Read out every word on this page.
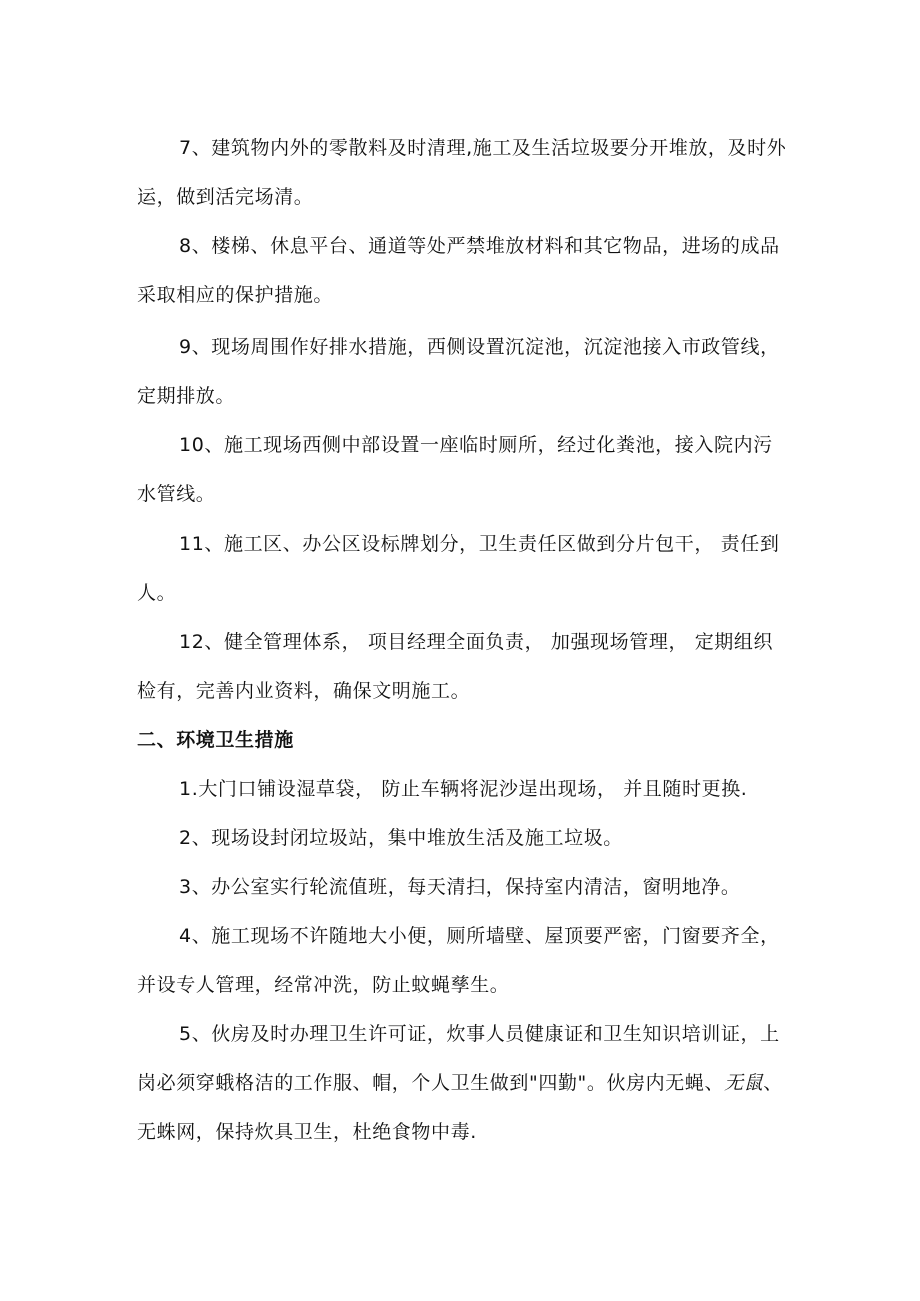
7、建筑物内外的零散料及时清理,施工及生活垃圾要分开堆放，及时外运，做到活完场清。

8、楼梯、休息平台、通道等处严禁堆放材料和其它物品，进场的成品采取相应的保护措施。

9、现场周围作好排水措施，西侧设置沉淀池，沉淀池接入市政管线， 定期排放。

10、施工现场西侧中部设置一座临时厕所，经过化粪池，接入院内污水管线。

11、施工区、办公区设标牌划分，卫生责任区做到分片包干， 责任到人。

12、健全管理体系， 项目经理全面负责， 加强现场管理， 定期组织检有，完善内业资料，确保文明施工。

二、环境卫生措施

1.大门口铺设湿草袋， 防止车辆将泥沙逞出现场， 并且随时更换.

2、现场设封闭垃圾站，集中堆放生活及施工垃圾。

3、办公室实行轮流值班，每天清扫，保持室内清洁，窗明地净。

4、施工现场不许随地大小便，厕所墙壁、屋顶要严密，门窗要齐全，并设专人管理，经常冲洗，防止蚊蝇孳生。

5、伙房及时办理卫生许可证，炊事人员健康证和卫生知识培训证，上岗必须穿蛾格洁的工作服、帽，个人卫生做到"四勤"。伙房内无蝇、无鼠、无蛛网，保持炊具卫生，杜绝食物中毒.
